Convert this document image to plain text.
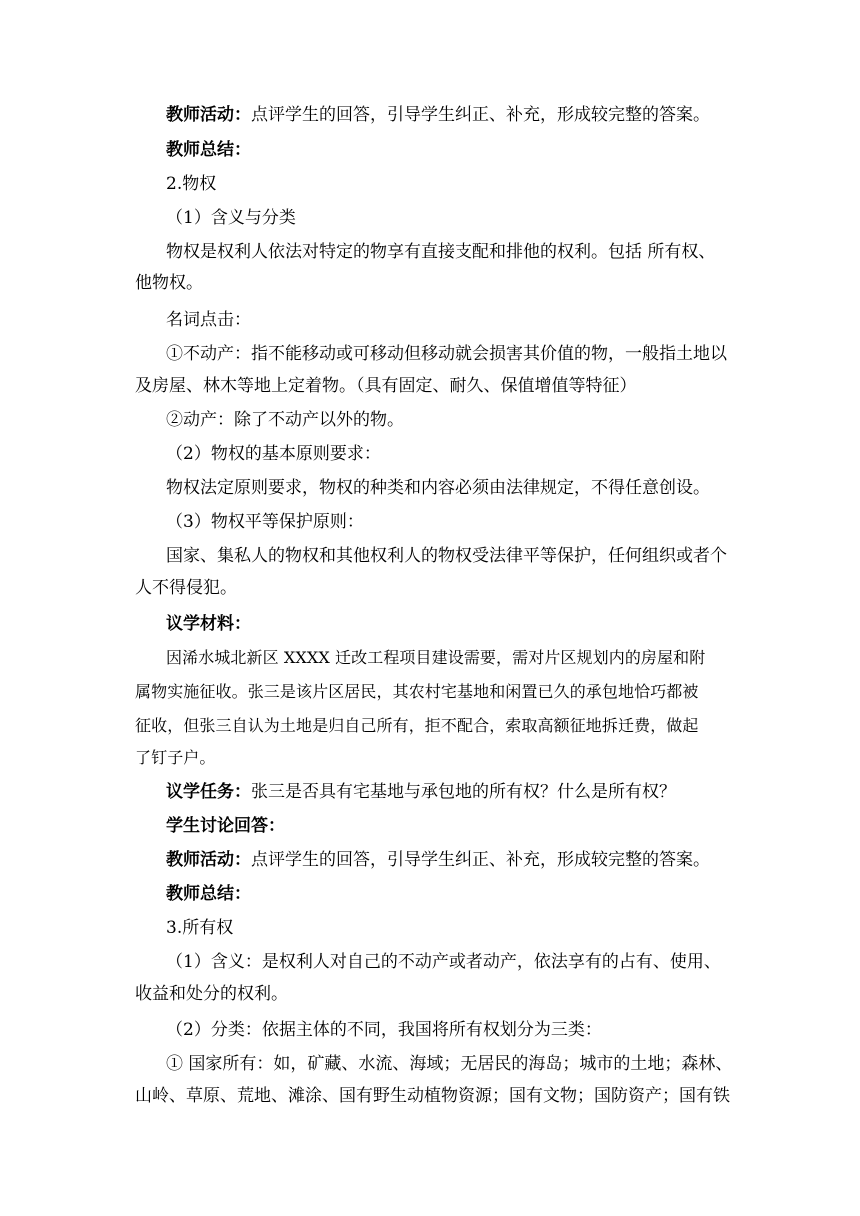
教师活动：点评学生的回答，引导学生纠正、补充，形成较完整的答案。
教师总结：
2.物权
（1）含义与分类
物权是权利人依法对特定的物享有直接支配和排他的权利。包括 所有权、
他物权。
名词点击：
①不动产：指不能移动或可移动但移动就会损害其价值的物，一般指土地以
及房屋、林木等地上定着物。（具有固定、耐久、保值增值等特征）
②动产：除了不动产以外的物。
（2）物权的基本原则要求：
物权法定原则要求，物权的种类和内容必须由法律规定，不得任意创设。
（3）物权平等保护原则：
国家、集私人的物权和其他权利人的物权受法律平等保护，任何组织或者个
人不得侵犯。
议学材料：
因浠水城北新区 XXXX 迁改工程项目建设需要，需对片区规划内的房屋和附
属物实施征收。张三是该片区居民，其农村宅基地和闲置已久的承包地恰巧都被
征收，但张三自认为土地是归自己所有，拒不配合，索取高额征地拆迁费，做起
了钉子户。
议学任务：张三是否具有宅基地与承包地的所有权？什么是所有权？
学生讨论回答：
教师活动：点评学生的回答，引导学生纠正、补充，形成较完整的答案。
教师总结：
3.所有权
（1）含义：是权利人对自己的不动产或者动产，依法享有的占有、使用、
收益和处分的权利。
（2）分类：依据主体的不同，我国将所有权划分为三类：
① 国家所有：如，矿藏、水流、海域；无居民的海岛；城市的土地；森林、
山岭、草原、荒地、滩涂、国有野生动植物资源；国有文物；国防资产；国有铁
